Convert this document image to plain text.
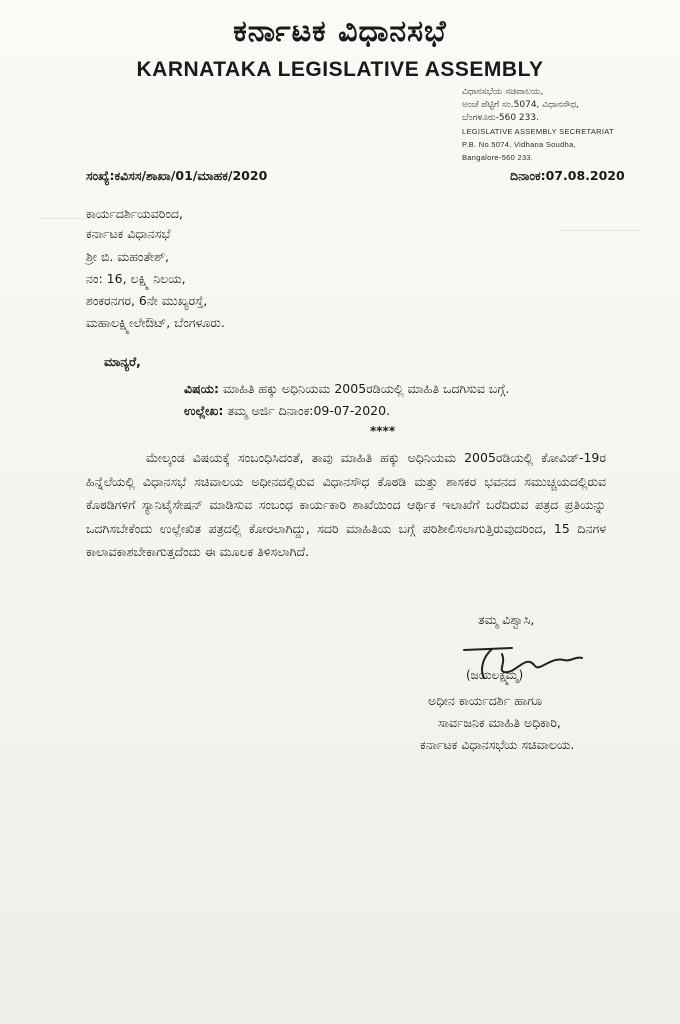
ಕರ್ನಾಟಕ ವಿಧಾನಸಭೆ
KARNATAKA LEGISLATIVE ASSEMBLY
ವಿಧಾನಸಭೆಯ ಸಚಿವಾಲಯ,
ಅಂಚೆ ಪೆಟ್ಟಿಗೆ ಸಂ.5074, ವಿಧಾನಸೌಧ,
ಬೆಂಗಳೂರು-560 233.
LEGISLATIVE ASSEMBLY SECRETARIAT
P.B. No.5074, Vidhana Soudha,
Bangalore-560 233.
ಸಂಖ್ಯೆ:ಕವಿಸಸ/ಶಾಖಾ/01/ಮಾಹಕ/2020	ದಿನಾಂಕ:07.08.2020
ಕಾರ್ಯದರ್ಶಿಯವರಿಂದ,
ಕರ್ನಾಟಕ ವಿಧಾನಸಭೆ
ಶ್ರೀ ಬಿ. ಮಹಂತೇಶ್,
ನಂ: 16, ಲಕ್ಷ್ಮಿ ನಿಲಯ,
ಶಂಕರನಗರ, 6ನೇ ಮುಖ್ಯರಸ್ತೆ,
ಮಹಾಲಕ್ಷ್ಮೀಲೇಔಟ್, ಬೆಂಗಳೂರು.
ಮಾನ್ಯರೆ,
ವಿಷಯ: ಮಾಹಿತಿ ಹಕ್ಕು ಅಧಿನಿಯಮ 2005ರಡಿಯಲ್ಲಿ ಮಾಹಿತಿ ಒದಗಿಸುವ ಬಗ್ಗೆ.
ಉಲ್ಲೇಖ: ತಮ್ಮ ಅರ್ಜಿ ದಿನಾಂಕ:09-07-2020.
****

ಮೇಲ್ಕಂಡ ವಿಷಯಕ್ಕೆ ಸಂಬಂಧಿಸಿದಂತೆ, ತಾವು ಮಾಹಿತಿ ಹಕ್ಕು ಅಧಿನಿಯಮ 2005ರಡಿಯಲ್ಲಿ ಕೋವಿಡ್-19ರ ಹಿನ್ನೆಲೆಯಲ್ಲಿ ವಿಧಾನಸಭೆ ಸಚಿವಾಲಯ ಅಧೀನದಲ್ಲಿರುವ ವಿಧಾನಸೌಧ ಕೊಠಡಿ ಮತ್ತು ಶಾಸಕರ ಭವನದ ಸಮುಚ್ಚಯದಲ್ಲಿರುವ ಕೊಠಡಿಗಳಿಗೆ ಸ್ಯಾನಿಟೈಸೇಷನ್ ಮಾಡಿಸುವ ಸಂಬಂಧ ಕಾರ್ಯಕಾರಿ ಶಾಖೆಯಿಂದ ಆರ್ಥಿಕ ಇಲಾಖೆಗೆ ಬರೆದಿರುವ ಪತ್ರದ ಪ್ರತಿಯನ್ನು ಒದಗಿಸಬೇಕೆಂದು ಉಲ್ಲೇಖಿತ ಪತ್ರದಲ್ಲಿ ಕೋರಲಾಗಿದ್ದು, ಸದರಿ ಮಾಹಿತಿಯ ಬಗ್ಗೆ ಪರಿಶೀಲಿಸಲಾಗುತ್ತಿರುವುದರಿಂದ, 15 ದಿನಗಳ ಕಾಲಾವಕಾಶಬೇಕಾಗುತ್ತದೆಂದು ಈ ಮೂಲಕ ತಿಳಿಸಲಾಗಿದೆ.

ತಮ್ಮ ವಿಶ್ವಾಸಿ,
(ಜಯಲಕ್ಷ್ಮಮ್ಮ)
ಅಧೀನ ಕಾರ್ಯದರ್ಶಿ ಹಾಗೂ
ಸಾರ್ವಜನಿಕ ಮಾಹಿತಿ ಅಧಿಕಾರಿ,
ಕರ್ನಾಟಕ ವಿಧಾನಸಭೆಯ ಸಚಿವಾಲಯ.
